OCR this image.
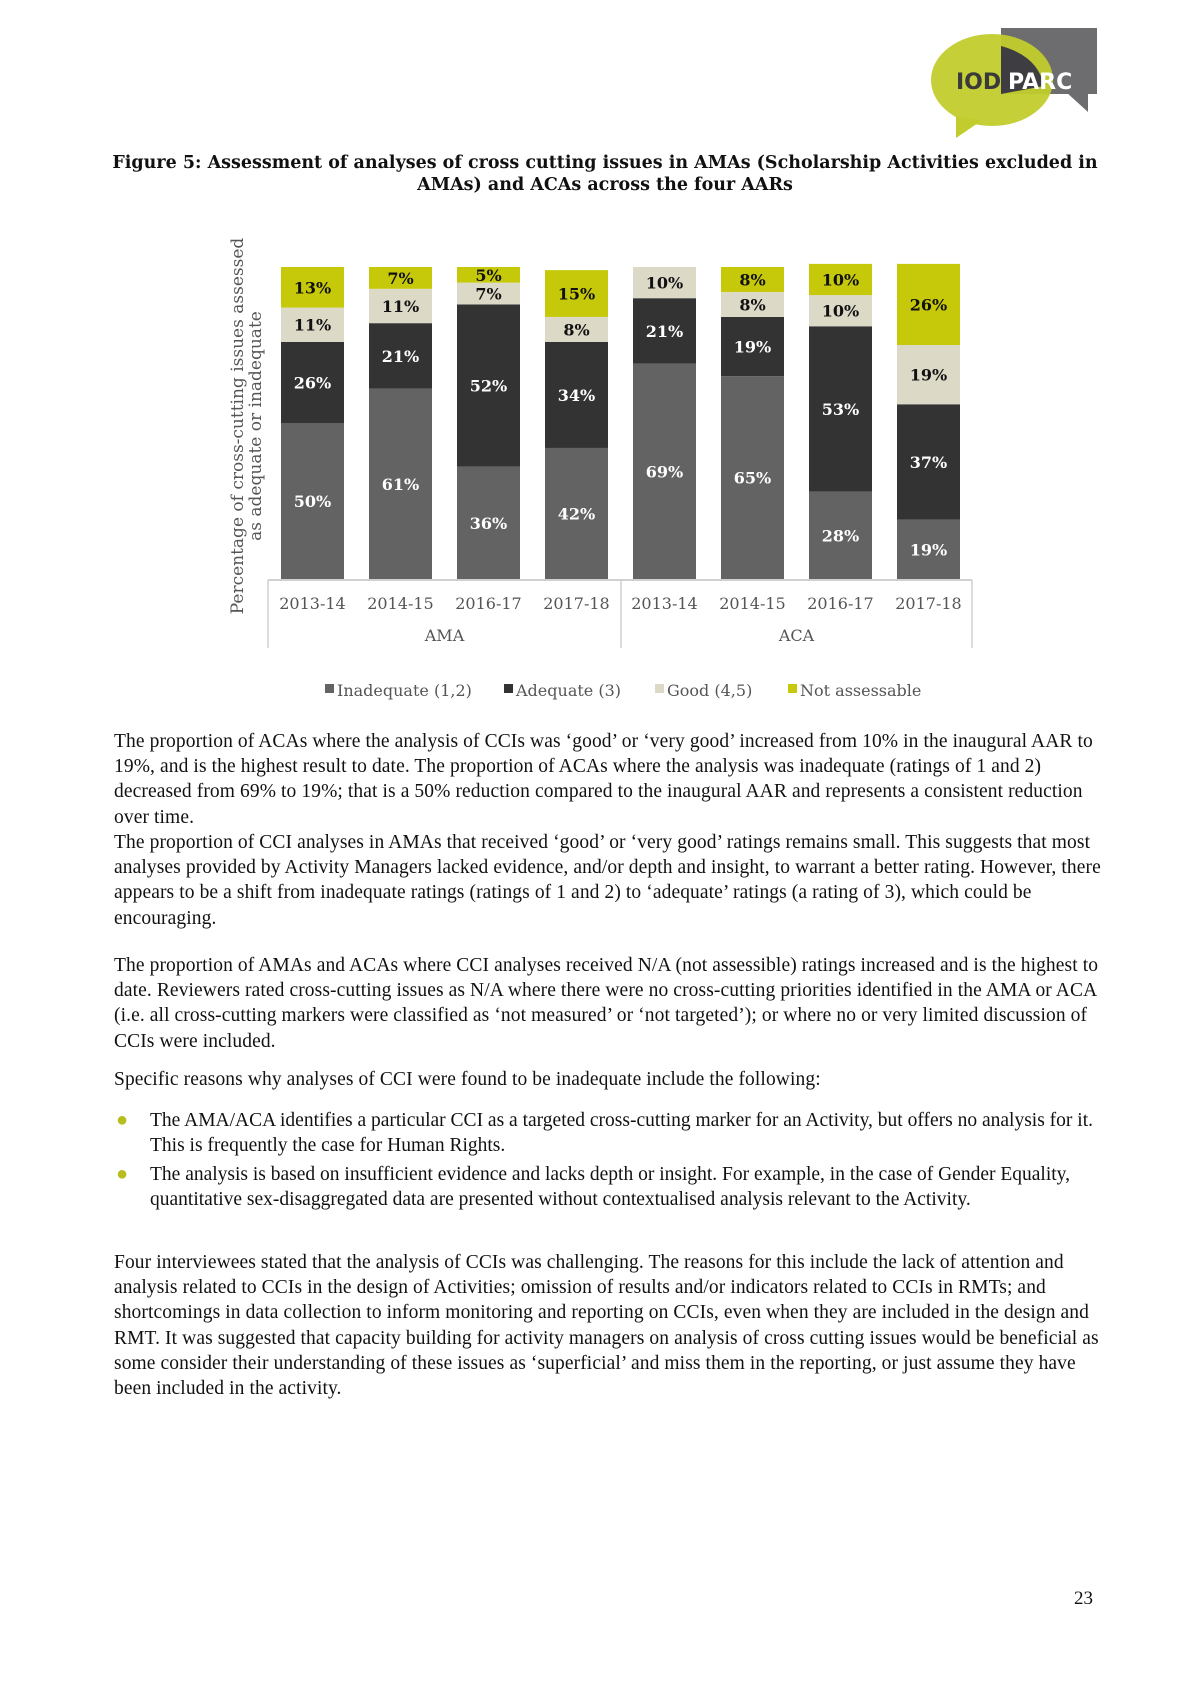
IOD PARC
Figure 5: Assessment of analyses of cross cutting issues in AMAs (Scholarship Activities excluded in AMAs) and ACAs across the four AARs
50%
26%
11%
13%
2013-14
61%
21%
11%
7%
2014-15
36%
52%
7%
5%
2016-17
42%
34%
8%
15%
2017-18
69%
21%
10%
2013-14
65%
19%
8%
8%
2014-15
28%
53%
10%
10%
2016-17
19%
37%
19%
26%
2017-18
AMA	ACA
Percentage of cross-cutting issues assessed
as adequate or inadequate
Inadequate (1,2)	Adequate (3)	Good (4,5)	Not assessable
The proportion of ACAs where the analysis of CCIs was ‘good’ or ‘very good’ increased from 10% in the inaugural AAR to 19%, and is the highest result to date. The proportion of ACAs where the analysis was inadequate (ratings of 1 and 2) decreased from 69% to 19%; that is a 50% reduction compared to the inaugural AAR and represents a consistent reduction over time.
The proportion of CCI analyses in AMAs that received ‘good’ or ‘very good’ ratings remains small. This suggests that most analyses provided by Activity Managers lacked evidence, and/or depth and insight, to warrant a better rating. However, there appears to be a shift from inadequate ratings (ratings of 1 and 2) to ‘adequate’ ratings (a rating of 3), which could be encouraging.
The proportion of AMAs and ACAs where CCI analyses received N/A (not assessible) ratings increased and is the highest to date. Reviewers rated cross-cutting issues as N/A where there were no cross-cutting priorities identified in the AMA or ACA (i.e. all cross-cutting markers were classified as ‘not measured’ or ‘not targeted’); or where no or very limited discussion of CCIs were included.
Specific reasons why analyses of CCI were found to be inadequate include the following:
● The AMA/ACA identifies a particular CCI as a targeted cross-cutting marker for an Activity, but offers no analysis for it. This is frequently the case for Human Rights.
● The analysis is based on insufficient evidence and lacks depth or insight. For example, in the case of Gender Equality, quantitative sex-disaggregated data are presented without contextualised analysis relevant to the Activity.
Four interviewees stated that the analysis of CCIs was challenging. The reasons for this include the lack of attention and analysis related to CCIs in the design of Activities; omission of results and/or indicators related to CCIs in RMTs; and shortcomings in data collection to inform monitoring and reporting on CCIs, even when they are included in the design and RMT. It was suggested that capacity building for activity managers on analysis of cross cutting issues would be beneficial as some consider their understanding of these issues as ‘superficial’ and miss them in the reporting, or just assume they have been included in the activity.
23
